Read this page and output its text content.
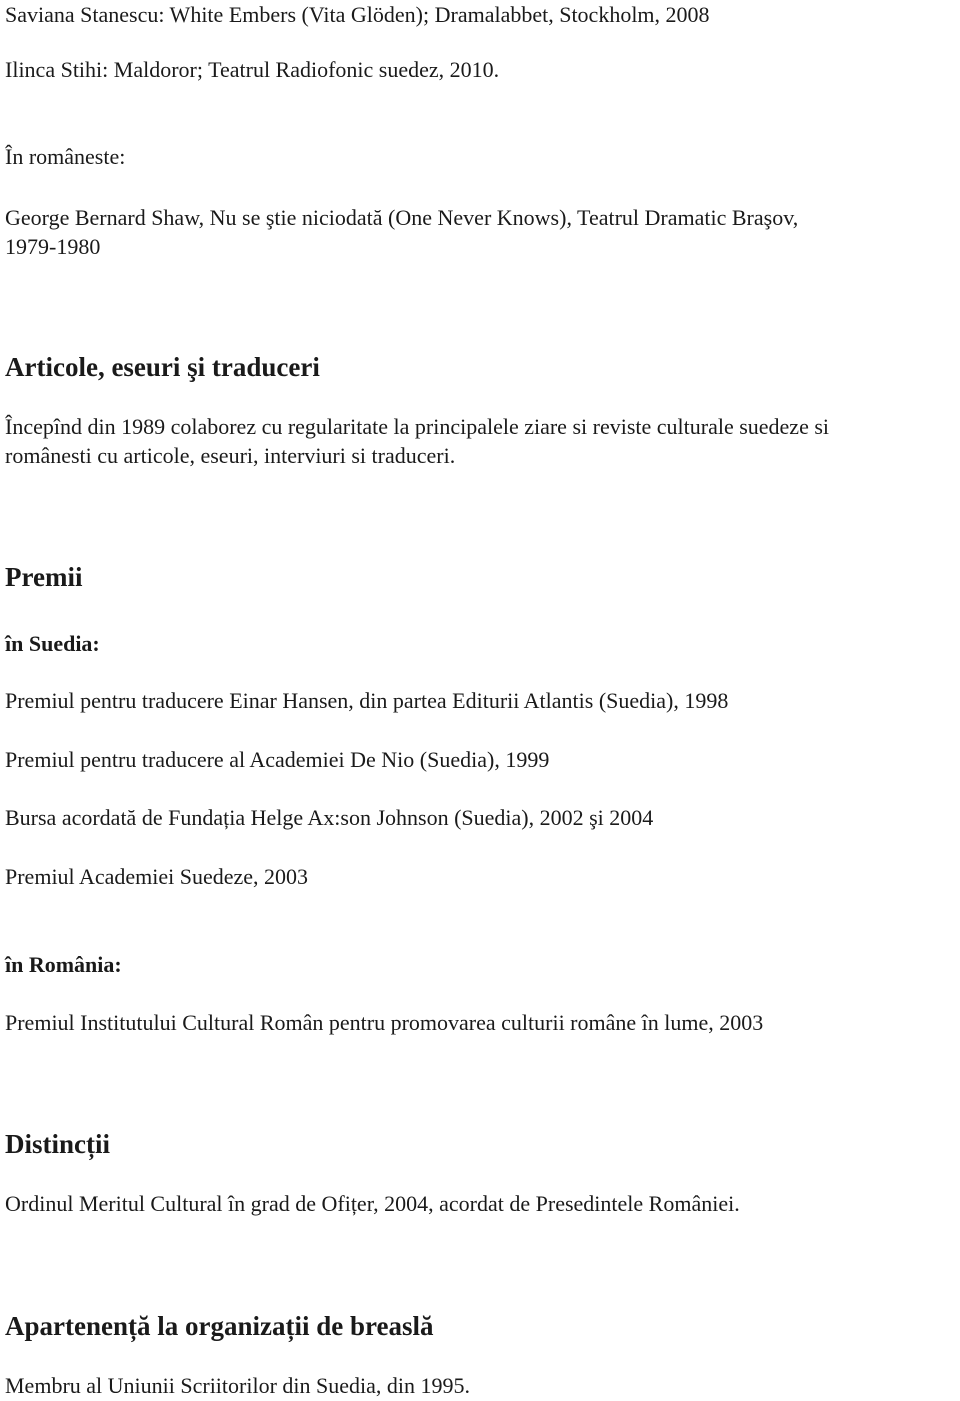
Saviana Stanescu: White Embers (Vita Glöden); Dramalabbet, Stockholm, 2008

Ilinca Stihi: Maldoror; Teatrul Radiofonic suedez, 2010.

În româneste:

George Bernard Shaw, Nu se ştie niciodată (One Never Knows), Teatrul Dramatic Braşov,

1979-1980

Articole, eseuri şi traduceri

Începînd din 1989 colaborez cu regularitate la principalele ziare si reviste culturale suedeze si

românesti cu articole, eseuri, interviuri si traduceri.

Premii
în Suedia:

Premiul pentru traducere Einar Hansen, din partea Editurii Atlantis (Suedia), 1998

Premiul pentru traducere al Academiei De Nio (Suedia), 1999

Bursa acordată de Fundația Helge Ax:son Johnson (Suedia), 2002 şi 2004

Premiul Academiei Suedeze, 2003

în România:

Premiul Institutului Cultural Român pentru promovarea culturii române în lume, 2003

Distincții

Ordinul Meritul Cultural în grad de Ofițer, 2004, acordat de Presedintele României.

Apartenență la organizații de breaslă

Membru al Uniunii Scriitorilor din Suedia, din 1995.
